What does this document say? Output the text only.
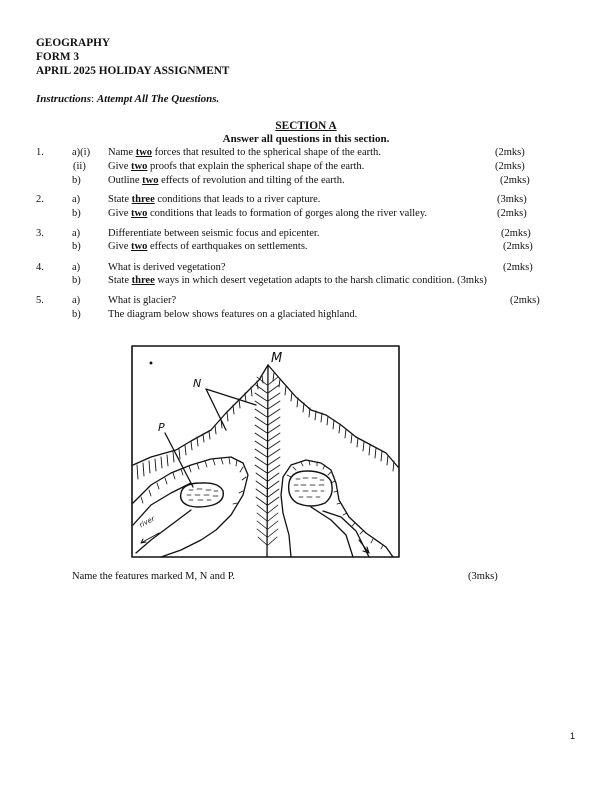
GEOGRAPHY
FORM 3
APRIL 2025 HOLIDAY ASSIGNMENT
Instructions: Attempt All The Questions.
SECTION A
Answer all questions in this section.
1.	a)(i) Name two forces that resulted to the spherical shape of the earth.	(2mks)
(ii) Give two proofs that explain the spherical shape of the earth.	(2mks)
b)	Outline two effects of revolution and tilting of the earth.	(2mks)
2.	a)	State three conditions that leads to a river capture.	(3mks)
b)	Give two conditions that leads to formation of gorges along the river valley.	(2mks)
3.	a)	Differentiate between seismic focus and epicenter.	(2mks)
b)	Give two effects of earthquakes on settlements.	(2mks)
4.	a)	What is derived vegetation?	(2mks)
b)	State three ways in which desert vegetation adapts to the harsh climatic condition. (3mks)
5.	a)	What is glacier?	(2mks)
b)	The diagram below shows features on a glaciated highland.
M
N
P
river
Name the features marked M, N and P.	(3mks)
1
